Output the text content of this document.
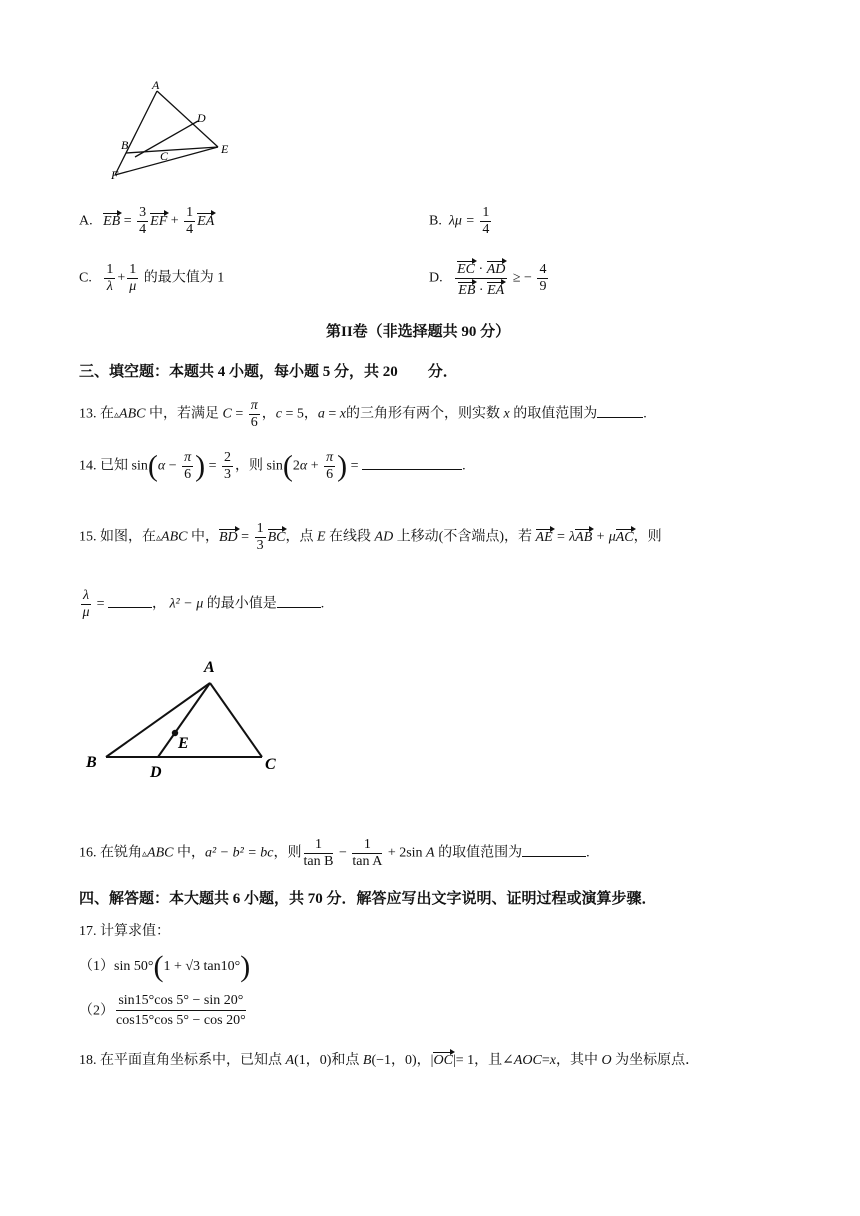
A
D
B
C	E
F
A. EB = $\frac{3}{4}$ EF + $\frac{1}{4}$ EA	B. $\lambda\mu = \frac{1}{4}$
C. $\frac{1}{\lambda} + \frac{1}{\mu}$ 的最大值为 1	D. $\frac{EC \cdot AD}{EB \cdot EA}$ ≥ − $\frac{4}{9}$
第II卷（非选择题共 90 分）
三、填空题：本题共 4 小题，每小题 5 分，共 20　　分．
13. 在▵ABC 中，若满足 $C = \frac{\pi}{6}$ ，c = 5，a = x的三角形有两个，则实数 x 的取值范围为	.
14. 已知 $\sin(\alpha - \frac{\pi}{6}$ ) = $\frac{2}{3}$ ，则 $\sin(2\alpha + \frac{\pi}{6}$ ) =	.
15. 如图，在▵ABC 中，BD = $\frac{1}{3}$ BC，点 E 在线段 AD 上移动(不含端点)，若 AE = λAB + μAC，则
$\frac{\lambda}{\mu}$ =	， λ² − μ 的最小值是	.
A
E
B
D	C
16. 在锐角▵ABC 中，a² − b² = bc，则 $\frac{1}{\text{tan B}} - \frac{1}{\text{tan A}} + 2\sin$ A 的取值范围为	.
四、解答题：本大题共 6 小题，共 70 分．解答应写出文字说明、证明过程或演算步骤．
17. 计算求值：
（1）sin 50°(1 + √3 tan10°)
$(2) \frac{\sin 15^\circ\cos 5^\circ - \sin 20^\circ}{\cos 15^\circ\cos 5^\circ - \cos 20^\circ}$
18. 在平面直角坐标系中，已知点 A(1，0)和点 B(−1，0)，|OC|= 1，且∠AOC=x，其中 O 为坐标原点．
